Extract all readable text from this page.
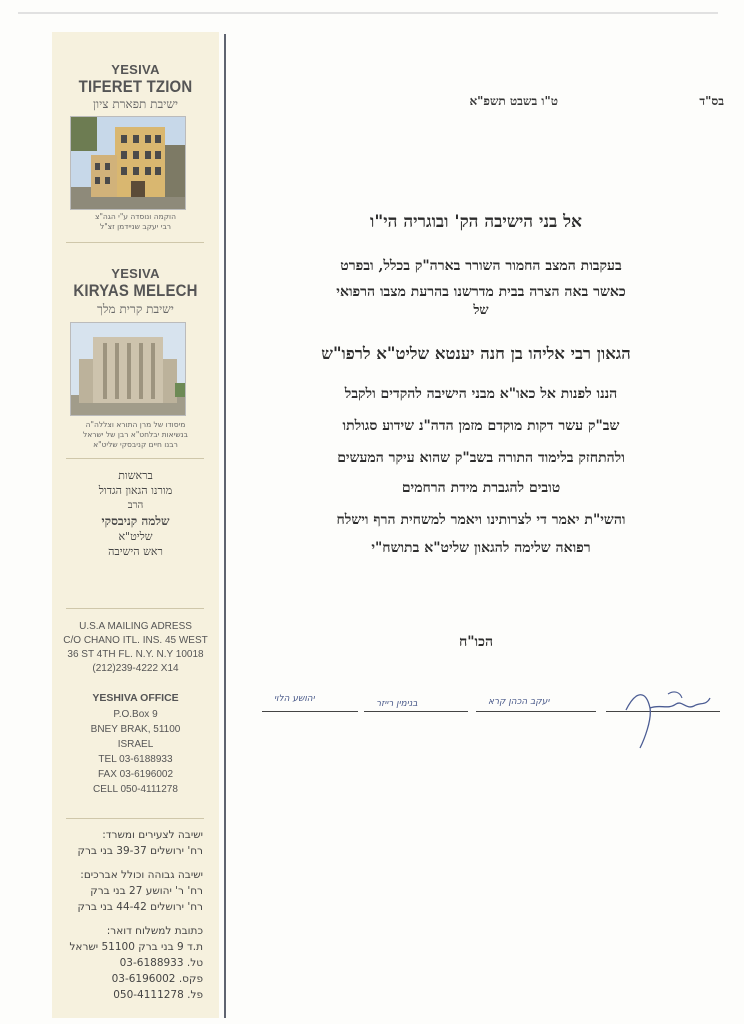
YESIVA
TIFERET TZION
ישיבת תפארת ציון
הוקמה ונוסדה ע"י הגה"צ
רבי יעקב שניידמן זצ"ל
YESIVA
KIRYAS MELECH
ישיבת קרית מלך
מיסודו של מרן התורא וצללה"ה
בנשיאות יבלחט"א רבן של ישראל
רבנו חיים קניבסקי שליט"א
בראשות
מורנו הגאון הגדול
הרב
שלמה קניבסקי
שליט"א
ראש הישיבה
U.S.A MAILING ADRESS
C/O CHANO ITL. INS. 45 WEST
36 ST 4TH FL. N.Y. N.Y 10018
(212)239-4222 X14
YESHIVA OFFICE
P.O.Box 9
BNEY BRAK, 51100
ISRAEL
TEL 03-6188933
FAX 03-6196002
CELL 050-4111278
ישיבה לצעירים ומשרד:
רח' ירושלים 39-37 בני ברק
ישיבה גבוהה וכולל אברכים:
רח' ר' יהושע 27 בני ברק
רח' ירושלים 44-42 בני ברק
כתובת למשלוח דואר:
ת.ד 9 בני ברק 51100 ישראל
טל. 03-6188933
פקס. 03-6196002
פל. 050-4111278
בס"ד
ט"ו בשבט תשפ"א
אל בני הישיבה הק' ובוגריה הי"ו
בעקבות המצב החמור השורר בארה"ק בכלל, ובפרט
כאשר באה הצרה בבית מדרשנו בהרעת מצבו הרפואי
של
הגאון רבי אליהו בן חנה יענטא שליט"א לרפו"ש
הננו לפנות אל כאו"א מבני הישיבה להקדים ולקבל
שב"ק עשר דקות מוקדם מזמן הדה"נ שידוע סגולתו
ולהתחזק בלימוד התורה בשב"ק שהוא עיקר המעשים
טובים להגברת מידת הרחמים
והשי"ת יאמר די לצרותינו ויאמר למשחית הרף וישלח
רפואה שלימה להגאון שליט"א בתושח"י
הכו"ח
יעקב הכהן קרא
בנימין רייזר
יהושע הלוי
